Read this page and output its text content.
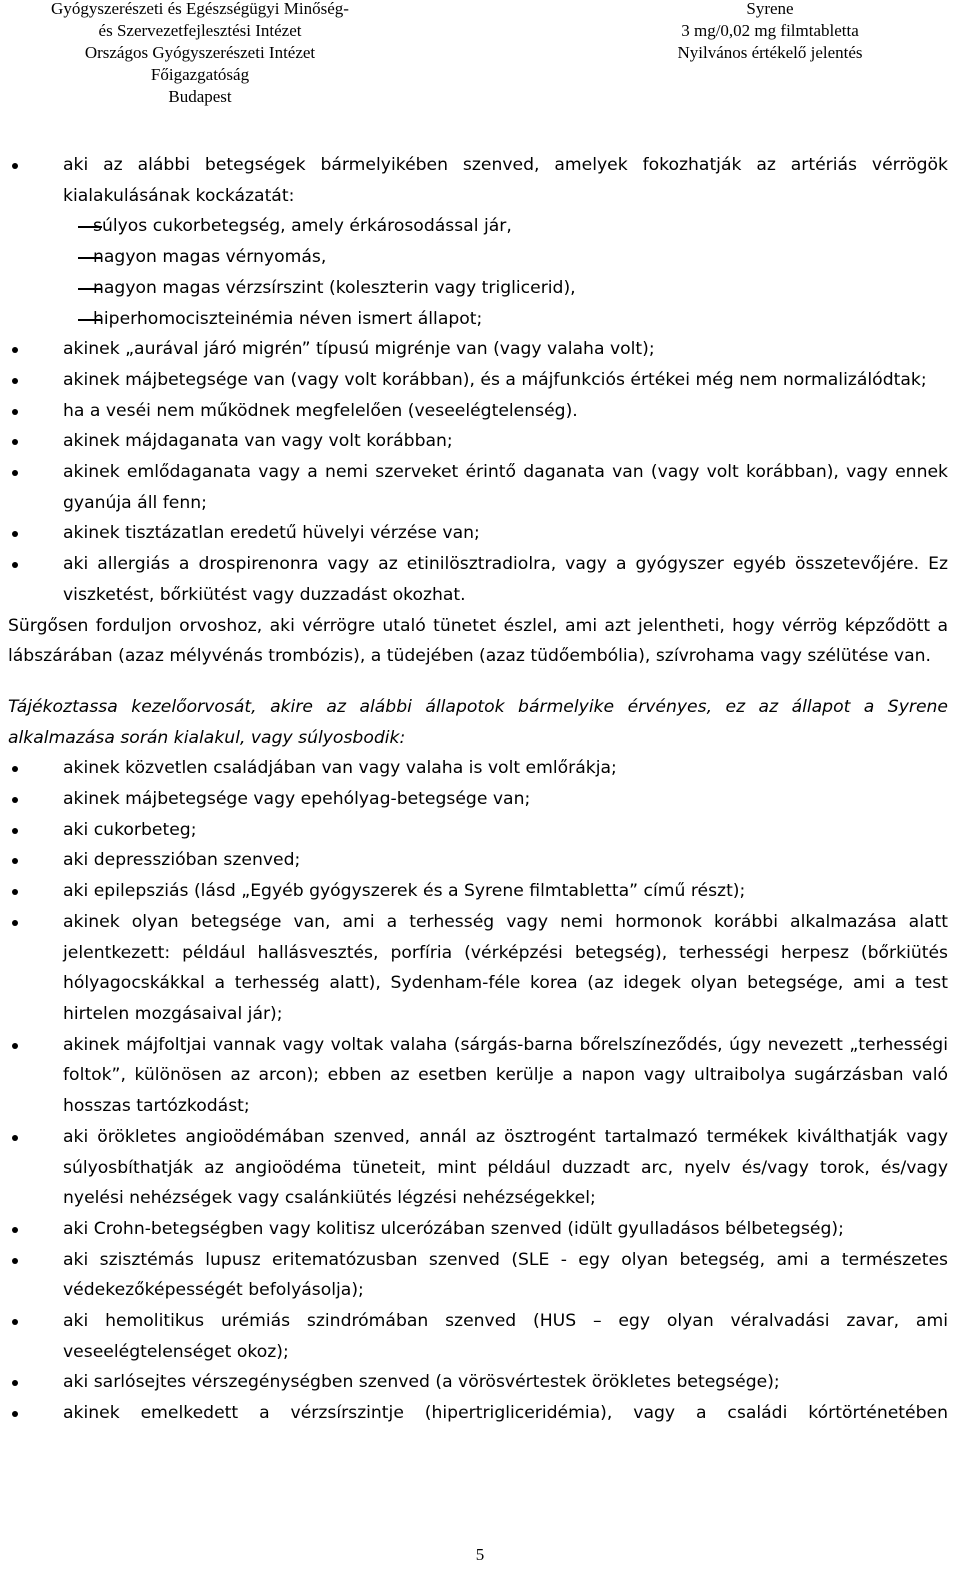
Gyógyszerészeti és Egészségügyi Minőség-
és Szervezetfejlesztési Intézet
Országos Gyógyszerészeti Intézet
Főigazgatóság
Budapest
Syrene
3 mg/0,02 mg filmtabletta
Nyilvános értékelő jelentés
aki az alábbi betegségek bármelyikében szenved, amelyek fokozhatják az artériás vérrögök kialakulásának kockázatát:
súlyos cukorbetegség, amely érkárosodással jár,
nagyon magas vérnyomás,
nagyon magas vérzsírszint (koleszterin vagy triglicerid),
hiperhomociszteinémia néven ismert állapot;
akinek „aurával járó migrén” típusú migrénje van (vagy valaha volt);
akinek májbetegsége van (vagy volt korábban), és a májfunkciós értékei még nem normalizálódtak;
ha a veséi nem működnek megfelelően (veseelégtelenség).
akinek májdaganata van vagy volt korábban;
akinek emlődaganata vagy a nemi szerveket érintő daganata van (vagy volt korábban), vagy ennek gyanúja áll fenn;
akinek tisztázatlan eredetű hüvelyi vérzése van;
aki allergiás a drospirenonra vagy az etinilösztradiolra, vagy a gyógyszer egyéb összetevőjére. Ez viszketést, bőrkiütést vagy duzzadást okozhat.
Sürgősen forduljon orvoshoz, aki vérrögre utaló tünetet észlel, ami azt jelentheti, hogy vérrög képződött a lábszárában (azaz mélyvénás trombózis), a tüdejében (azaz tüdőembólia), szívrohama vagy szélütése van.
Tájékoztassa kezelőorvosát, akire az alábbi állapotok bármelyike érvényes, ez az állapot a Syrene alkalmazása során kialakul, vagy súlyosbodik:
akinek közvetlen családjában van vagy valaha is volt emlőrákja;
akinek májbetegsége vagy epehólyag-betegsége van;
aki cukorbeteg;
aki depresszióban szenved;
aki epilepsziás (lásd „Egyéb gyógyszerek és a Syrene filmtabletta” című részt);
akinek olyan betegsége van, ami a terhesség vagy nemi hormonok korábbi alkalmazása alatt jelentkezett: például hallásvesztés, porfíria (vérképzési betegség), terhességi herpesz (bőrkiütés hólyagocskákkal a terhesség alatt), Sydenham-féle korea (az idegek olyan betegsége, ami a test hirtelen mozgásaival jár);
akinek májfoltjai vannak vagy voltak valaha (sárgás-barna bőrelszíneződés, úgy nevezett „terhességi foltok”, különösen az arcon); ebben az esetben kerülje a napon vagy ultraibolya sugárzásban való hosszas tartózkodást;
aki örökletes angioödémában szenved, annál az ösztrogént tartalmazó termékek kiválthatják vagy súlyosbíthatják az angioödéma tüneteit, mint például duzzadt arc, nyelv és/vagy torok, és/vagy nyelési nehézségek vagy csalánkiütés légzési nehézségekkel;
aki Crohn-betegségben vagy kolitisz ulcerózában szenved (idült gyulladásos bélbetegség);
aki szisztémás lupusz eritematózusban szenved (SLE - egy olyan betegség, ami a természetes védekezőképességét befolyásolja);
aki hemolitikus urémiás szindrómában szenved (HUS – egy olyan véralvadási zavar, ami veseelégtelenséget okoz);
aki sarlósejtes vérszegénységben szenved (a vörösvértestek örökletes betegsége);
akinek emelkedett a vérzsírszintje (hipertrigliceridémia), vagy a családi kórtörténetében
5
